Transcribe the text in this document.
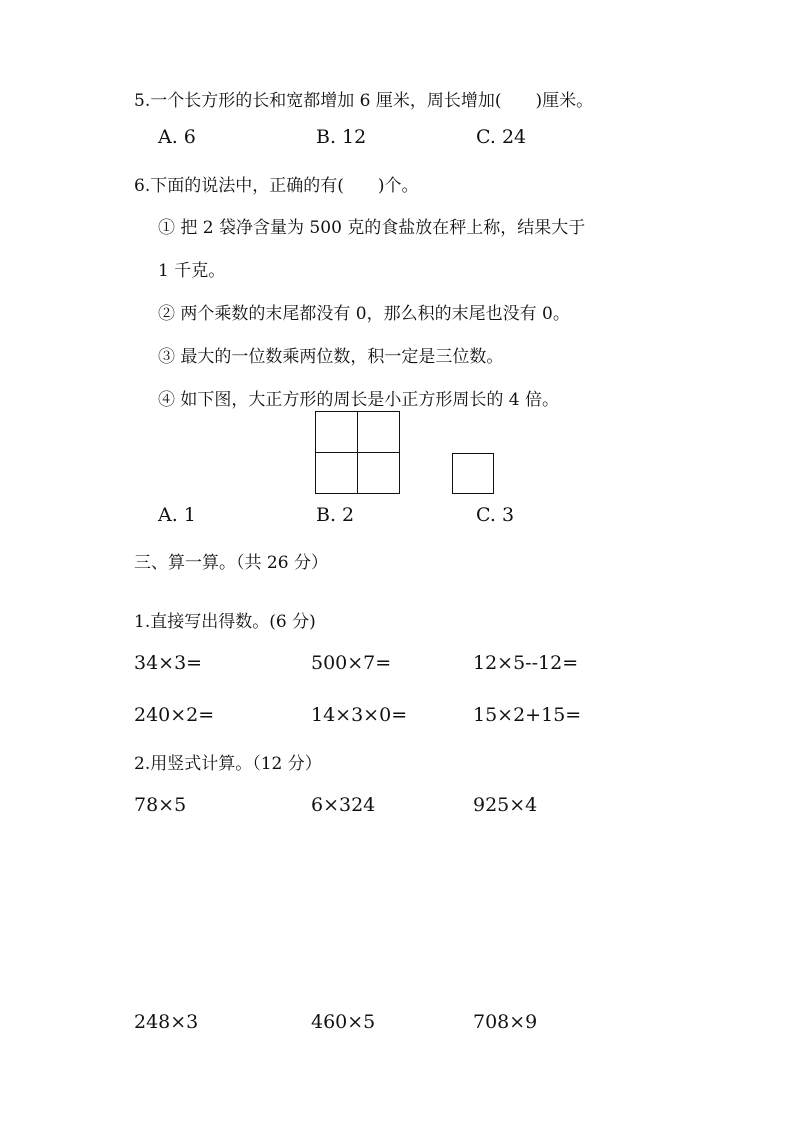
5.一个长方形的长和宽都增加 6 厘米，周长增加(　　)厘米。
A. 6	B. 12	C. 24
6.下面的说法中，正确的有(　　)个。
① 把 2 袋净含量为 500 克的食盐放在秤上称，结果大于
1 千克。
② 两个乘数的末尾都没有 0，那么积的末尾也没有 0。
③ 最大的一位数乘两位数，积一定是三位数。
④ 如下图，大正方形的周长是小正方形周长的 4 倍。
A. 1	B. 2	C. 3
三、算一算。（共 26 分）
1.直接写出得数。(6 分)
34×3=	500×7=	12×5--12=
240×2=	14×3×0=	15×2+15=
2.用竖式计算。（12 分）
78×5	6×324	925×4
248×3	460×5	708×9
